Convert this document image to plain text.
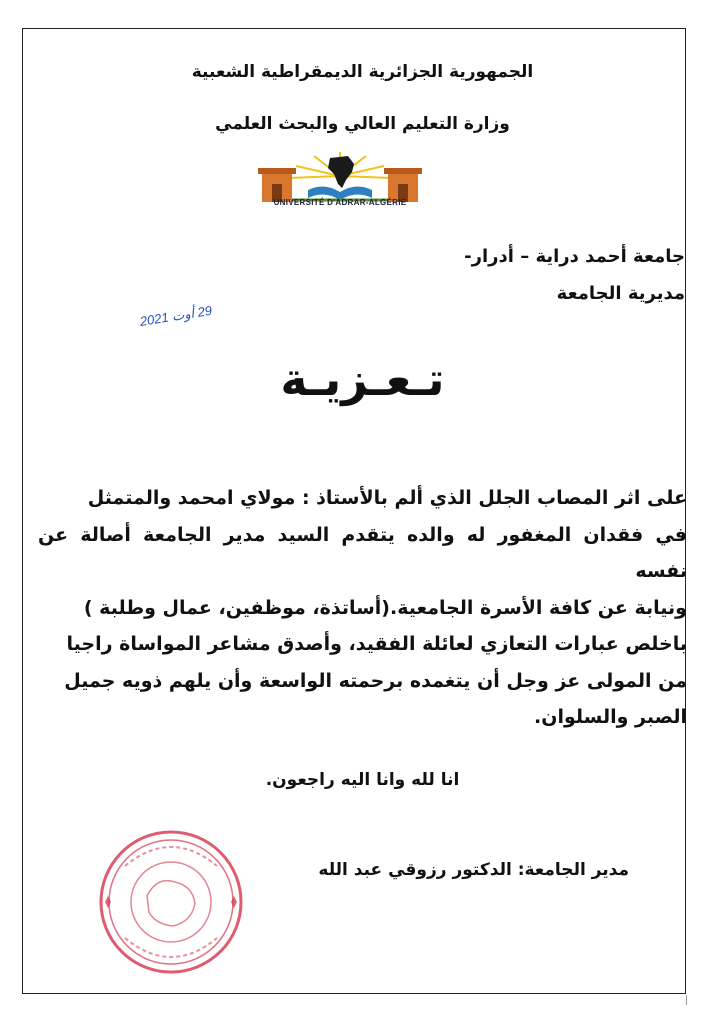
الجمهورية الجزائرية الديمقراطية الشعبية
وزارة التعليم العالي والبحث العلمي
UNIVERSITÉ D'ADRAR-ALGÉRIE
جامعة أحمد دراية – أدرار-
مديرية الجامعة
29 أوت 2021
تـعـزيـة

على اثر المصاب الجلل الذي ألم بالأستاذ : مولاي امحمد والمتمثل

في فقدان المغفور له والده يتقدم السيد مدير الجامعة أصالة عن نفسه

ونيابة عن كافة الأسرة الجامعية.(أساتذة، موظفين، عمال وطلبة )

باخلص عبارات التعازي لعائلة الفقيد، وأصدق مشاعر المواساة راجيا

من المولى عز وجل أن يتغمده برحمته الواسعة وأن يلهم ذويه جميل

الصبر والسلوان.

انا لله وانا اليه راجعون.
مدير الجامعة: الدكتور رزوقي عبد الله
